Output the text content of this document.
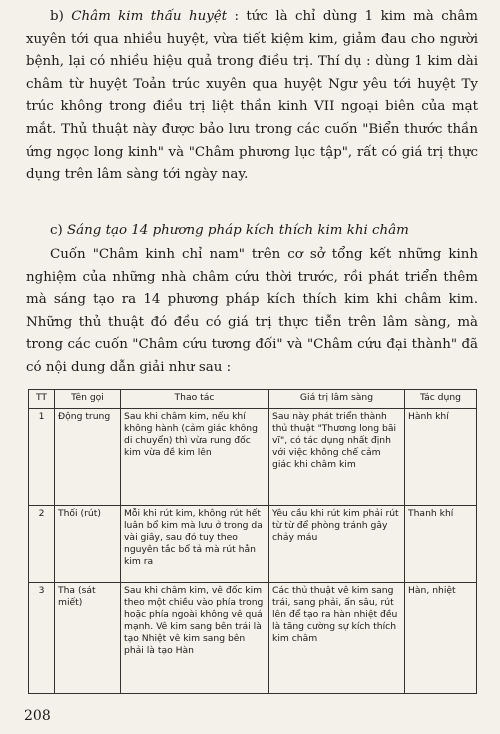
b) Châm kim thấu huyệt : tức là chỉ dùng 1 kim mà châm xuyên tới qua nhiều huyệt, vừa tiết kiệm kim, giảm đau cho người bệnh, lại có nhiều hiệu quả trong điều trị. Thí dụ : dùng 1 kim dài châm từ huyệt Toản trúc xuyên qua huyệt Ngư yêu tới huyệt Ty trúc không trong điều trị liệt thần kinh VII ngoại biên của mạt mắt. Thủ thuật này được bảo lưu trong các cuốn "Biển thước thần ứng ngọc long kinh" và "Châm phương lục tập", rất có giá trị thực dụng trên lâm sàng tới ngày nay.

c) Sáng tạo 14 phương pháp kích thích kim khi châm

Cuốn "Châm kinh chỉ nam" trên cơ sở tổng kết những kinh nghiệm của những nhà châm cứu thời trước, rồi phát triển thêm mà sáng tạo ra 14 phương pháp kích thích kim khi châm kim. Những thủ thuật đó đều có giá trị thực tiễn trên lâm sàng, mà trong các cuốn "Châm cứu tương đối" và "Châm cứu đại thành" đã có nội dung dẫn giải như sau :

TT	Tên gọi	Thao tác	Giá trị lâm sàng	Tác dụng
1	Động trung	Sau khi châm kim, nếu khí không hành (cảm giác không di chuyển) thì vừa rung đốc kim vừa đề kim lên	Sau này phát triển thành thủ thuật "Thương long bãi vĩ", có tác dụng nhất định với việc không chế cảm giác khi châm kim	Hành khí
2	Thối (rút)	Mỗi khi rút kim, không rút hết luân bổ kim mà lưu ở trong da vài giây, sau đó tuy theo nguyên tắc bổ tả mà rút hẳn kim ra	Yêu cầu khi rút kim phải rút từ từ để phòng tránh gây chảy máu	Thanh khí
3	Tha (sát miết)	Sau khi châm kim, vê đốc kim theo một chiều vào phía trong hoặc phía ngoài không vê quá mạnh. Vê kim sang bên trái là tạo Nhiệt vê kim sang bên phải là tạo Hàn	Các thủ thuật vê kim sang trái, sang phải, ấn sâu, rút lên để tạo ra hàn nhiệt đều là tăng cường sự kích thích kim châm	Hàn, nhiệt
208
